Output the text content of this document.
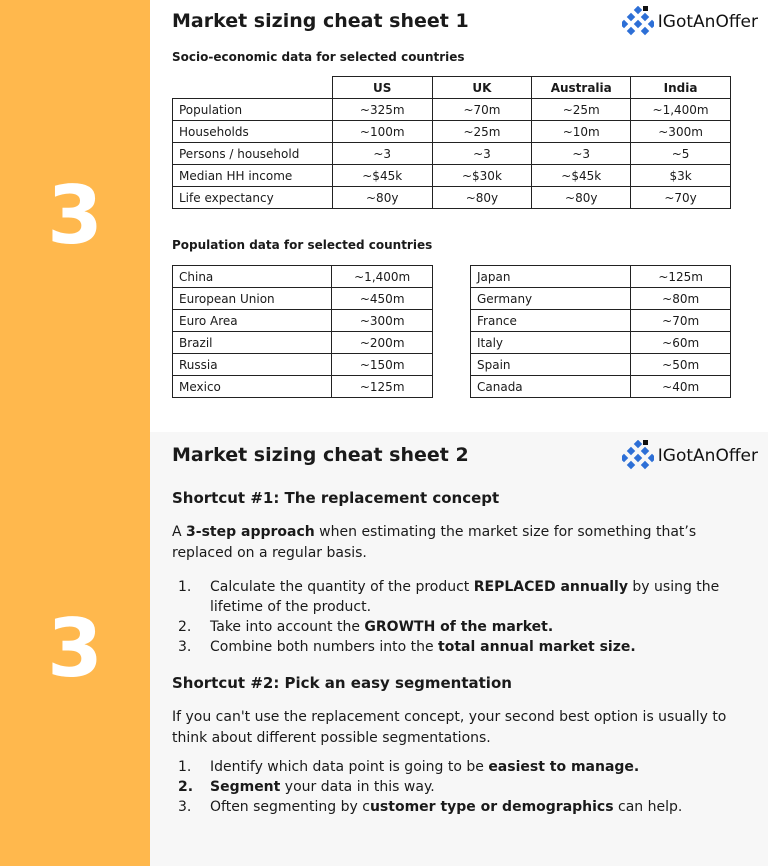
3
3
Market sizing cheat sheet 1	IGotAnOffer
Socio-economic data for selected countries
	US	UK	Australia	India
Population	~325m	~70m	~25m	~1,400m
Households	~100m	~25m	~10m	~300m
Persons / household	~3	~3	~3	~5
Median HH income	~$45k	~$30k	~$45k	$3k
Life expectancy	~80y	~80y	~80y	~70y
Population data for selected countries
China	~1,400m
European Union	~450m
Euro Area	~300m
Brazil	~200m
Russia	~150m
Mexico	~125m
Japan	~125m
Germany	~80m
France	~70m
Italy	~60m
Spain	~50m
Canada	~40m
Market sizing cheat sheet 2	IGotAnOffer
Shortcut #1: The replacement concept
A 3-step approach when estimating the market size for something that’s replaced on a regular basis.
1.	Calculate the quantity of the product REPLACED annually by using the lifetime of the product.
2.	Take into account the GROWTH of the market.
3.	Combine both numbers into the total annual market size.
Shortcut #2: Pick an easy segmentation
If you can't use the replacement concept, your second best option is usually to think about different possible segmentations.
1.	Identify which data point is going to be easiest to manage.
2.	Segment your data in this way.
3.	Often segmenting by customer type or demographics can help.
